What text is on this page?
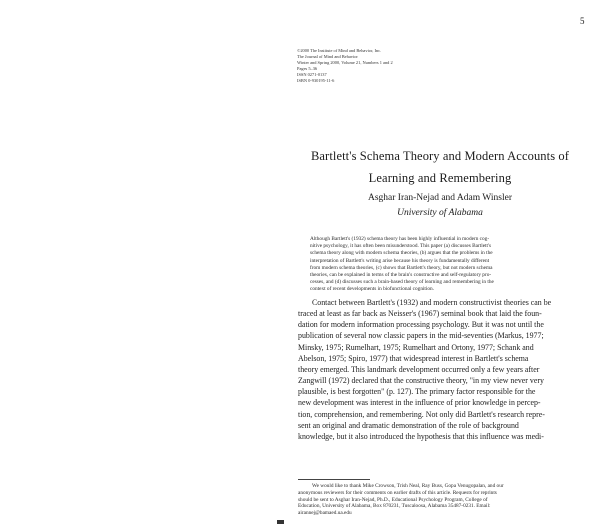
5
©2000 The Institute of Mind and Behavior, Inc.
The Journal of Mind and Behavior
Winter and Spring 2000, Volume 21, Numbers 1 and 2
Pages 5–36
ISSN 0271-0137
ISBN 0-930195-11-6
Bartlett's Schema Theory and Modern Accounts of
Learning and Remembering
Asghar Iran-Nejad and Adam Winsler
University of Alabama
Although Bartlett's (1932) schema theory has been highly influential in modern cog-
nitive psychology, it has often been misunderstood. This paper (a) discusses Bartlett's
schema theory along with modern schema theories, (b) argues that the problems in the
interpretation of Bartlett's writing arise because his theory is fundamentally different
from modern schema theories, (c) shows that Bartlett's theory, but not modern schema
theories, can be explained in terms of the brain's constructive and self-regulatory pro-
cesses, and (d) discusses such a brain-based theory of learning and remembering in the
context of recent developments in biofunctional cognition.
Contact between Bartlett's (1932) and modern constructivist theories can be
traced at least as far back as Neisser's (1967) seminal book that laid the foun-
dation for modern information processing psychology. But it was not until the
publication of several now classic papers in the mid-seventies (Markus, 1977;
Minsky, 1975; Rumelhart, 1975; Rumelhart and Ortony, 1977; Schank and
Abelson, 1975; Spiro, 1977) that widespread interest in Bartlett's schema
theory emerged. This landmark development occurred only a few years after
Zangwill (1972) declared that the constructive theory, "in my view never very
plausible, is best forgotten" (p. 127). The primary factor responsible for the
new development was interest in the influence of prior knowledge in percep-
tion, comprehension, and remembering. Not only did Bartlett's research repre-
sent an original and dramatic demonstration of the role of background
knowledge, but it also introduced the hypothesis that this influence was medi-
We would like to thank Mike Crowson, Trish Neal, Ray Buss, Gopa Venugopalan, and our
anonymous reviewers for their comments on earlier drafts of this article. Requests for reprints
should be sent to Asghar Iran-Nejad, Ph.D., Educational Psychology Program, College of
Education, University of Alabama, Box 870231, Tuscaloosa, Alabama 35487-0231. Email:
airannej@bamaed.ua.edu
